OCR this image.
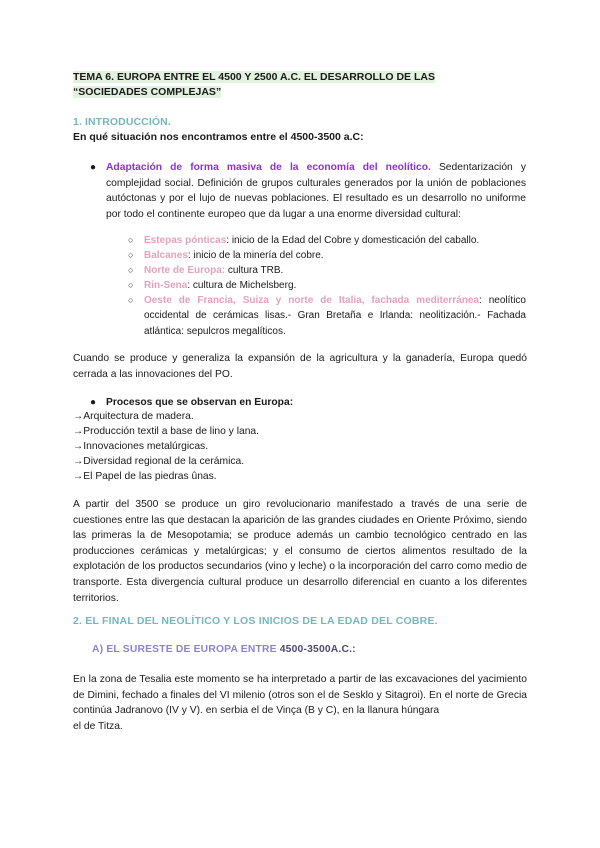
TEMA 6. EUROPA ENTRE EL 4500 Y 2500 A.C. EL DESARROLLO DE LAS
“SOCIEDADES COMPLEJAS”
1. INTRODUCCIÓN.
En qué situación nos encontramos entre el 4500-3500 a.C:
● Adaptación de forma masiva de la economía del neolítico. Sedentarización y complejidad social. Definición de grupos culturales generados por la unión de poblaciones autóctonas y por el lujo de nuevas poblaciones. El resultado es un desarrollo no uniforme por todo el continente europeo que da lugar a una enorme diversidad cultural:
○ Estepas pónticas: inicio de la Edad del Cobre y domesticación del caballo.
○ Balcanes: inicio de la minería del cobre.
○ Norte de Europa: cultura TRB.
○ Rin-Sena: cultura de Michelsberg.
○ Oeste de Francia, Suiza y norte de Italia, fachada mediterránea: neolítico occidental de cerámicas lisas.- Gran Bretaña e Irlanda: neolitización.- Fachada atlántica: sepulcros megalíticos.
Cuando se produce y generaliza la expansión de la agricultura y la ganadería, Europa quedó cerrada a las innovaciones del PO.
● Procesos que se observan en Europa:
→Arquitectura de madera.
→Producción textil a base de lino y lana.
→Innovaciones metalúrgicas.
→Diversidad regional de la cerámica.
→El Papel de las piedras ûnas.
A partir del 3500 se produce un giro revolucionario manifestado a través de una serie de cuestiones entre las que destacan la aparición de las grandes ciudades en Oriente Próximo, siendo las primeras la de Mesopotamia; se produce además un cambio tecnológico centrado en las producciones cerámicas y metalúrgicas; y el consumo de ciertos alimentos resultado de la explotación de los productos secundarios (vino y leche) o la incorporación del carro como medio de transporte. Esta divergencia cultural produce un desarrollo diferencial en cuanto a los diferentes territorios.
2. EL FINAL DEL NEOLÍTICO Y LOS INICIOS DE LA EDAD DEL COBRE.
A) EL SURESTE DE EUROPA ENTRE 4500-3500A.C.:
En la zona de Tesalia este momento se ha interpretado a partir de las excavaciones del yacimiento de Dimini, fechado a finales del VI milenio (otros son el de Sesklo y Sitagroi). En el norte de Grecia continúa Jadranovo (IV y V). en serbia el de Vinça (B y C), en la llanura húngara
el de Titza.
